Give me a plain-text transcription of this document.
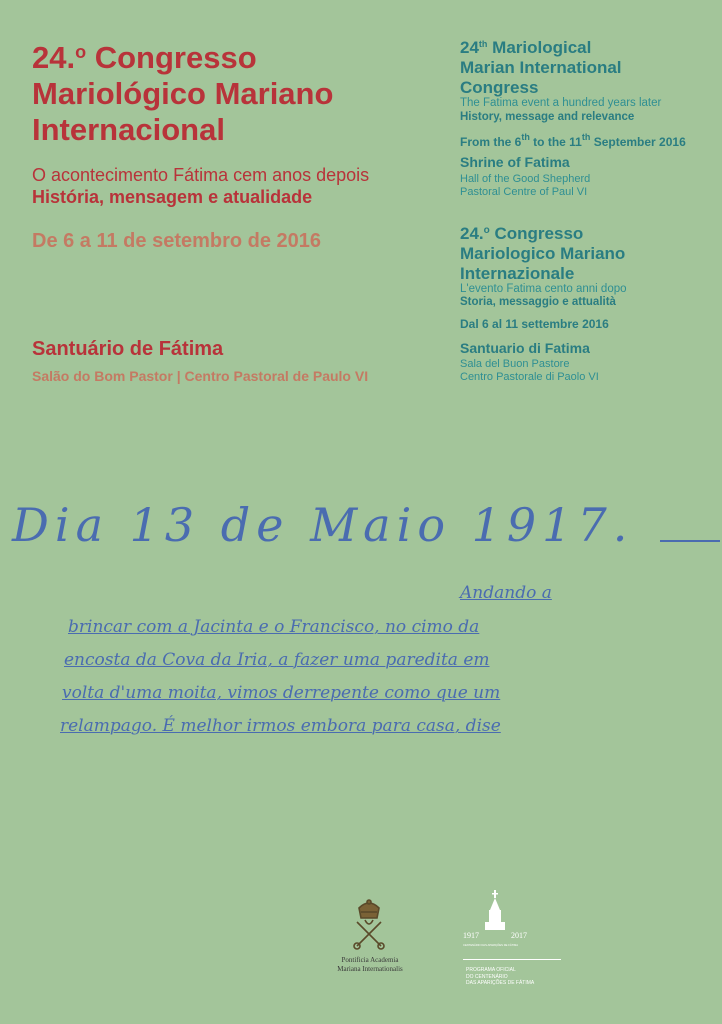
24.$^o$ Congresso
Mariológico Mariano
Internacional
O acontecimento Fátima cem anos depois
História, mensagem e atualidade
De 6 a 11 de setembro de 2016
Santuário de Fátima
Salão do Bom Pastor | Centro Pastoral de Paulo VI
24th Mariological
Marian International
Congress
The Fatima event a hundred years later
History, message and relevance
From the 6th to the 11th September 2016
Shrine of Fatima
Hall of the Good Shepherd
Pastoral Centre of Paul VI
24.$^o$ Congresso
Mariologico Mariano
Internazionale
L'evento Fatima cento anni dopo
Storia, messaggio e attualità
Dal 6 al 11 settembre 2016
Santuario di Fatima
Sala del Buon Pastore
Centro Pastorale di Paolo VI
Dia 13 de Maio 1917.
Andando a
brincar com a Jacinta e o Francisco, no cimo da
encosta da Cova da Iria, a fazer uma paredita em
volta d'uma moita, vimos derrepente como que um
relampago. É melhor irmos embora para casa, dise
Pontificia Academia
Mariana Internationalis
1917	2017
CENTENÁRIO DAS APARIÇÕES DE FÁTIMA
PROGRAMA OFICIAL
DO CENTENÁRIO
DAS APARIÇÕES DE FÁTIMA
